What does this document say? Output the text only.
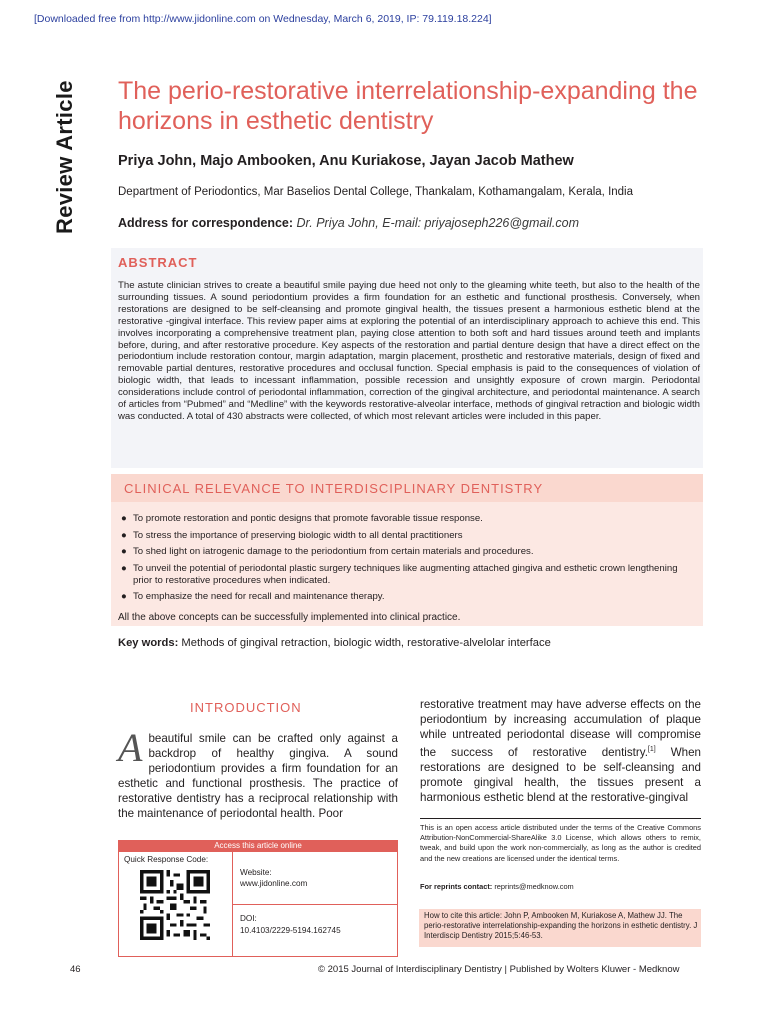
[Downloaded free from http://www.jidonline.com on Wednesday, March 6, 2019, IP: 79.119.18.224]
Review Article The perio-restorative interrelationship-expanding the horizons in esthetic dentistry
Priya John, Majo Ambooken, Anu Kuriakose, Jayan Jacob Mathew
Department of Periodontics, Mar Baselios Dental College, Thankalam, Kothamangalam, Kerala, India
Address for correspondence: Dr. Priya John, E-mail: priyajoseph226@gmail.com
ABSTRACT
The astute clinician strives to create a beautiful smile paying due heed not only to the gleaming white teeth, but also to the health of the surrounding tissues. A sound periodontium provides a firm foundation for an esthetic and functional prosthesis. Conversely, when restorations are designed to be self-cleansing and promote gingival health, the tissues present a harmonious esthetic blend at the restorative -gingival interface. This review paper aims at exploring the potential of an interdisciplinary approach to achieve this end. This involves incorporating a comprehensive treatment plan, paying close attention to both soft and hard tissues around teeth and implants before, during, and after restorative procedure. Key aspects of the restoration and partial denture design that have a direct effect on the periodontium include restoration contour, margin adaptation, margin placement, prosthetic and restorative materials, design of fixed and removable partial dentures, restorative procedures and occlusal function. Special emphasis is paid to the consequences of violation of biologic width, that leads to incessant inflammation, possible recession and unsightly exposure of crown margin. Periodontal considerations include control of periodontal inflammation, correction of the gingival architecture, and periodontal maintenance. A search of articles from “Pubmed” and “Medline” with the keywords restorative-alveolar interface, methods of gingival retraction and biologic width was conducted. A total of 430 abstracts were collected, of which most relevant articles were included in this paper.
CLINICAL RELEVANCE TO INTERDISCIPLINARY DENTISTRY
● To promote restoration and pontic designs that promote favorable tissue response.
● To stress the importance of preserving biologic width to all dental practitioners
● To shed light on iatrogenic damage to the periodontium from certain materials and procedures.
● To unveil the potential of periodontal plastic surgery techniques like augmenting attached gingiva and esthetic crown lengthening prior to restorative procedures when indicated.
● To emphasize the need for recall and maintenance therapy.
All the above concepts can be successfully implemented into clinical practice.
Key words: Methods of gingival retraction, biologic width, restorative-alvelolar interface
INTRODUCTION
A beautiful smile can be crafted only against a backdrop of healthy gingiva. A sound periodontium provides a firm foundation for an esthetic and functional prosthesis. The practice of restorative dentistry has a reciprocal relationship with the maintenance of periodontal health. Poor
restorative treatment may have adverse effects on the periodontium by increasing accumulation of plaque while untreated periodontal disease will compromise the success of restorative dentistry.[1] When restorations are designed to be self-cleansing and promote gingival health, the tissues present a harmonious esthetic blend at the restorative-gingival
This is an open access article distributed under the terms of the Creative Commons Attribution-NonCommercial-ShareAlike 3.0 License, which allows others to remix, tweak, and build upon the work non-commercially, as long as the author is credited and the new creations are licensed under the identical terms.
For reprints contact: reprints@medknow.com
Access this article online
Quick Response Code:
Website:
www.jidonline.com
DOI:
10.4103/2229-5194.162745
How to cite this article: John P, Ambooken M, Kuriakose A, Mathew JJ. The perio-restorative interrelationship-expanding the horizons in esthetic dentistry. J Interdiscip Dentistry 2015;5:46-53.
46	© 2015 Journal of Interdisciplinary Dentistry | Published by Wolters Kluwer - Medknow
